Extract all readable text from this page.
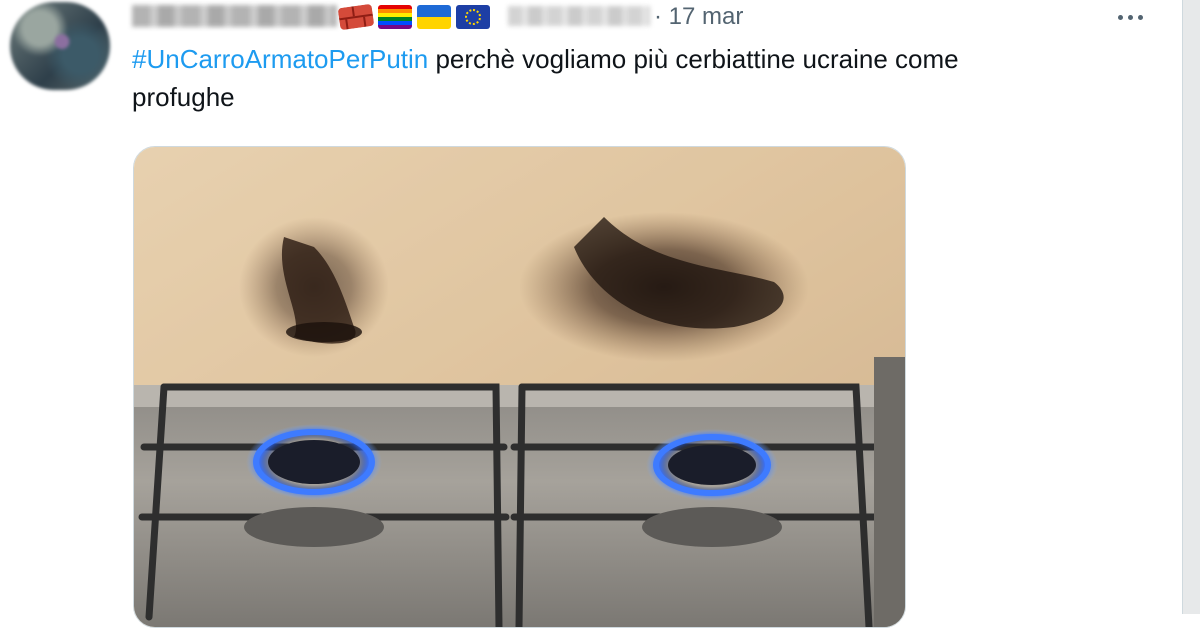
· 17 mar
#UnCarroArmatoPerPutin perchè vogliamo più cerbiattine ucraine come
profughe
